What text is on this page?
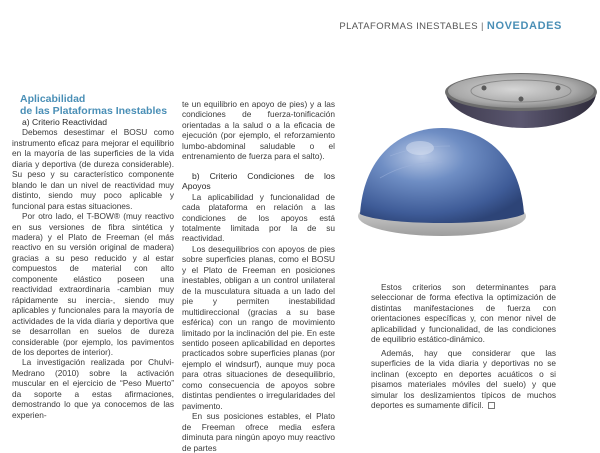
PLATAFORMAS INESTABLES | NOVEDADES
Aplicabilidad
de las Plataformas Inestables

a) Criterio Reactividad

Debemos desestimar el BOSU como instrumento eficaz para mejorar el equilibrio en la mayoría de las superficies de la vida diaria y deportiva (de dureza considerable). Su peso y su característico componente blando le dan un nivel de reactividad muy distinto, siendo muy poco aplicable y funcional para estas situaciones.

Por otro lado, el T-BOW® (muy reactivo en sus versiones de fibra sintética y madera) y el Plato de Freeman (el más reactivo en su versión original de madera) gracias a su peso reducido y al estar compuestos de material con alto componente elástico poseen una reactividad extraordinaria -cambian muy rápidamente su inercia-, siendo muy aplicables y funcionales para la mayoría de actividades de la vida diaria y deportiva que se desarrollan en suelos de dureza considerable (por ejemplo, los pavimentos de los deportes de interior).

La investigación realizada por Chulvi-Medrano (2010) sobre la activación muscular en el ejercicio de “Peso Muerto” da soporte a estas afirmaciones, demostrando lo que ya conocemos de las experien-

te un equilibrio en apoyo de pies) y a las condiciones de fuerza-tonificación orientadas a la salud o a la eficacia de ejecución (por ejemplo, el reforzamiento lumbo-abdominal saludable o el entrenamiento de fuerza para el salto).

b) Criterio Condiciones de los Apoyos

La aplicabilidad y funcionalidad de cada plataforma en relación a las condiciones de los apoyos está totalmente limitada por la de su reactividad.

Los desequilibrios con apoyos de pies sobre superficies planas, como el BOSU y el Plato de Freeman en posiciones inestables, obligan a un control unilateral de la musculatura situada a un lado del pie y permiten inestabilidad multidireccional (gracias a su base esférica) con un rango de movimiento limitado por la inclinación del pie. En este sentido poseen aplicabilidad en deportes practicados sobre superficies planas (por ejemplo el windsurf), aunque muy poca para otras situaciones de desequilibrio, como consecuencia de apoyos sobre distintas pendientes o irregularidades del pavimento.

En sus posiciones estables, el Plato de Freeman ofrece media esfera diminuta para ningún apoyo muy reactivo de partes

Estos criterios son determinantes para seleccionar de forma efectiva la optimización de distintas manifestaciones de fuerza con orientaciones específicas y, con menor nivel de aplicabilidad y funcionalidad, de las condiciones de equilibrio estático-dinámico.

Además, hay que considerar que las superficies de la vida diaria y deportivas no se inclinan (excepto en deportes acuáticos o si pisamos materiales móviles del suelo) y que simular los deslizamientos típicos de muchos deportes es sumamente difícil.
